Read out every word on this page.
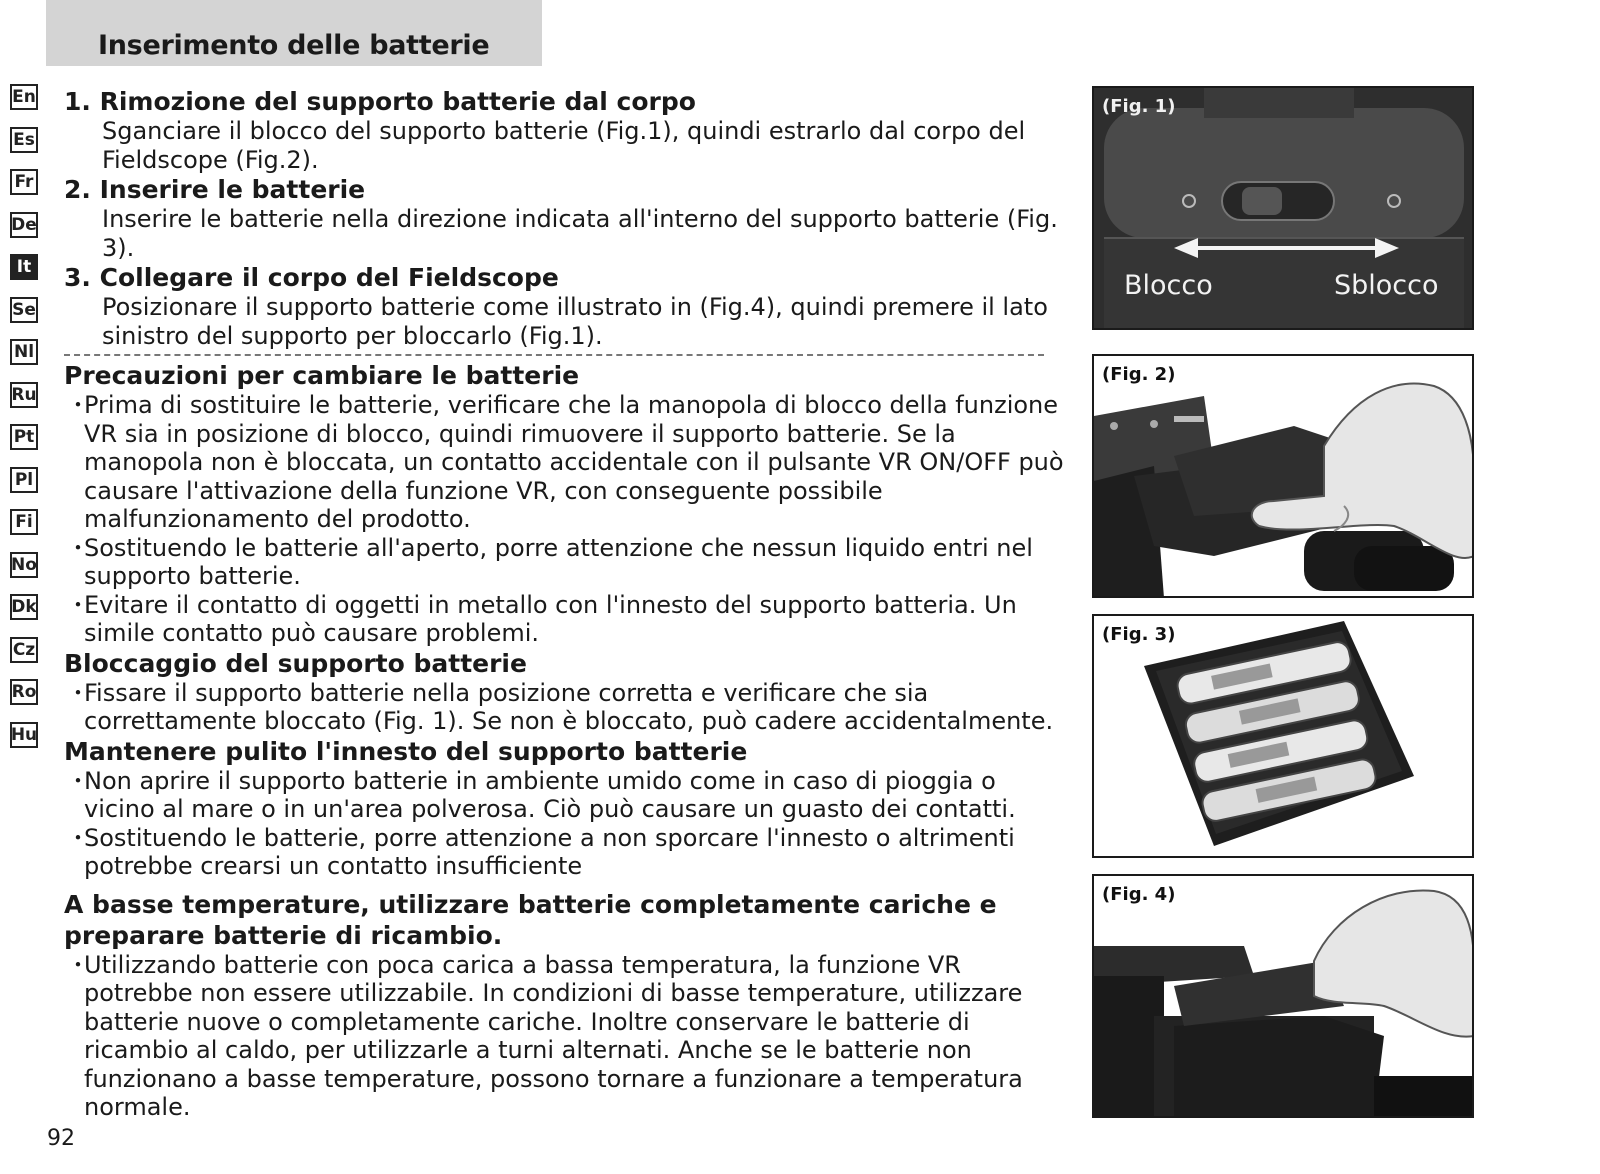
Inserimento delle batterie
En
Es
Fr
De
It
Se
Nl
Ru
Pt
Pl
Fi
No
Dk
Cz
Ro
Hu
1. Rimozione del supporto batterie dal corpo

Sganciare il blocco del supporto batterie (Fig.1), quindi estrarlo dal corpo del Fieldscope (Fig.2).

2. Inserire le batterie

Inserire le batterie nella direzione indicata all'interno del supporto batterie (Fig. 3).

3. Collegare il corpo del Fieldscope

Posizionare il supporto batterie come illustrato in (Fig.4), quindi premere il lato sinistro del supporto per bloccarlo (Fig.1).

Precauzioni per cambiare le batterie
・
Prima di sostituire le batterie, verificare che la manopola di blocco della funzione VR sia in posizione di blocco, quindi rimuovere il supporto batterie. Se la manopola non è bloccata, un contatto accidentale con il pulsante VR ON/OFF può causare l'attivazione della funzione VR, con conseguente possibile malfunzionamento del prodotto.
・
Sostituendo le batterie all'aperto, porre attenzione che nessun liquido entri nel supporto batterie.
・
Evitare il contatto di oggetti in metallo con l'innesto del supporto batteria. Un simile contatto può causare problemi.
Bloccaggio del supporto batterie
・
Fissare il supporto batterie nella posizione corretta e verificare che sia correttamente bloccato (Fig. 1). Se non è bloccato, può cadere accidentalmente.
Mantenere pulito l'innesto del supporto batterie
・
Non aprire il supporto batterie in ambiente umido come in caso di pioggia o vicino al mare o in un'area polverosa. Ciò può causare un guasto dei contatti.
・
Sostituendo le batterie, porre attenzione a non sporcare l'innesto o altrimenti potrebbe crearsi un contatto insufficiente
A basse temperature, utilizzare batterie completamente cariche e preparare batterie di ricambio.
・
Utilizzando batterie con poca carica a bassa temperatura, la funzione VR potrebbe non essere utilizzabile. In condizioni di basse temperature, utilizzare batterie nuove o completamente cariche. Inoltre conservare le batterie di ricambio al caldo, per utilizzarle a turni alternati. Anche se le batterie non funzionano a basse temperature, possono tornare a funzionare a temperatura normale.
92
(Fig. 1)
Blocco	Sblocco
(Fig. 2)
(Fig. 3)
(Fig. 4)
